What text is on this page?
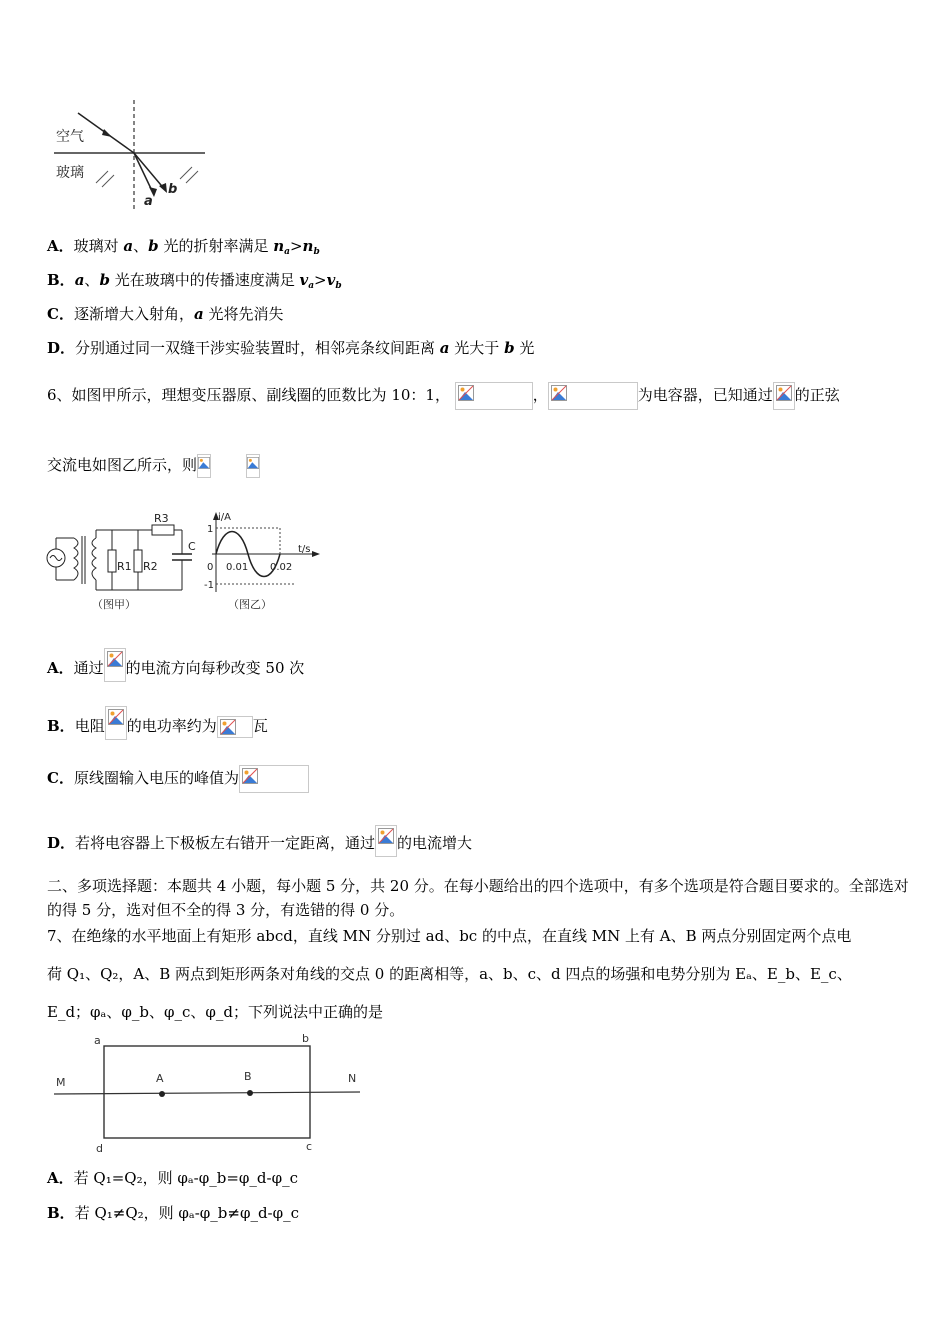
空气
玻璃
a
b
A．玻璃对 a、b 光的折射率满足 $n_a>n_b$
B．a、b 光在玻璃中的传播速度满足 $v_a>v_b$
C．逐渐增大入射角，a 光将先消失
D．分别通过同一双缝干涉实验装置时，相邻亮条纹间距离 a 光大于 b 光
6、如图甲所示，理想变压器原、副线圈的匝数比为 10：1，	，	为电容器，已知通过 的正弦
交流电如图乙所示，则

R3
C
R1 R2
（图甲）
i/A
t/s
1
-1
0 0.01 0.02
（图乙）
A．通过 的电流方向每秒改变 50 次
B．电阻 的电功率约为 瓦
C．原线圈输入电压的峰值为
D．若将电容器上下极板左右错开一定距离，通过 的电流增大
二、多项选择题：本题共 4 小题，每小题 5 分，共 20 分。在每小题给出的四个选项中，有多个选项是符合题目要求的。全部选对的得 5 分，选对但不全的得 3 分，有选错的得 0 分。
7、在绝缘的水平地面上有矩形 abcd，直线 MN 分别过 ad、bc 的中点，在直线 MN 上有 A、B 两点分别固定两个点电
荷 Q₁、Q₂，A、B 两点到矩形两条对角线的交点 0 的距离相等，a、b、c、d 四点的场强和电势分别为 Eₐ、E_b、E_c、
E_d；φₐ、φ_b、φ_c、φ_d；下列说法中正确的是
M	N
a	b
d	c
A	B
A．若 Q₁=Q₂，则 φₐ-φ_b=φ_d-φ_c
B．若 Q₁≠Q₂，则 φₐ-φ_b≠φ_d-φ_c
